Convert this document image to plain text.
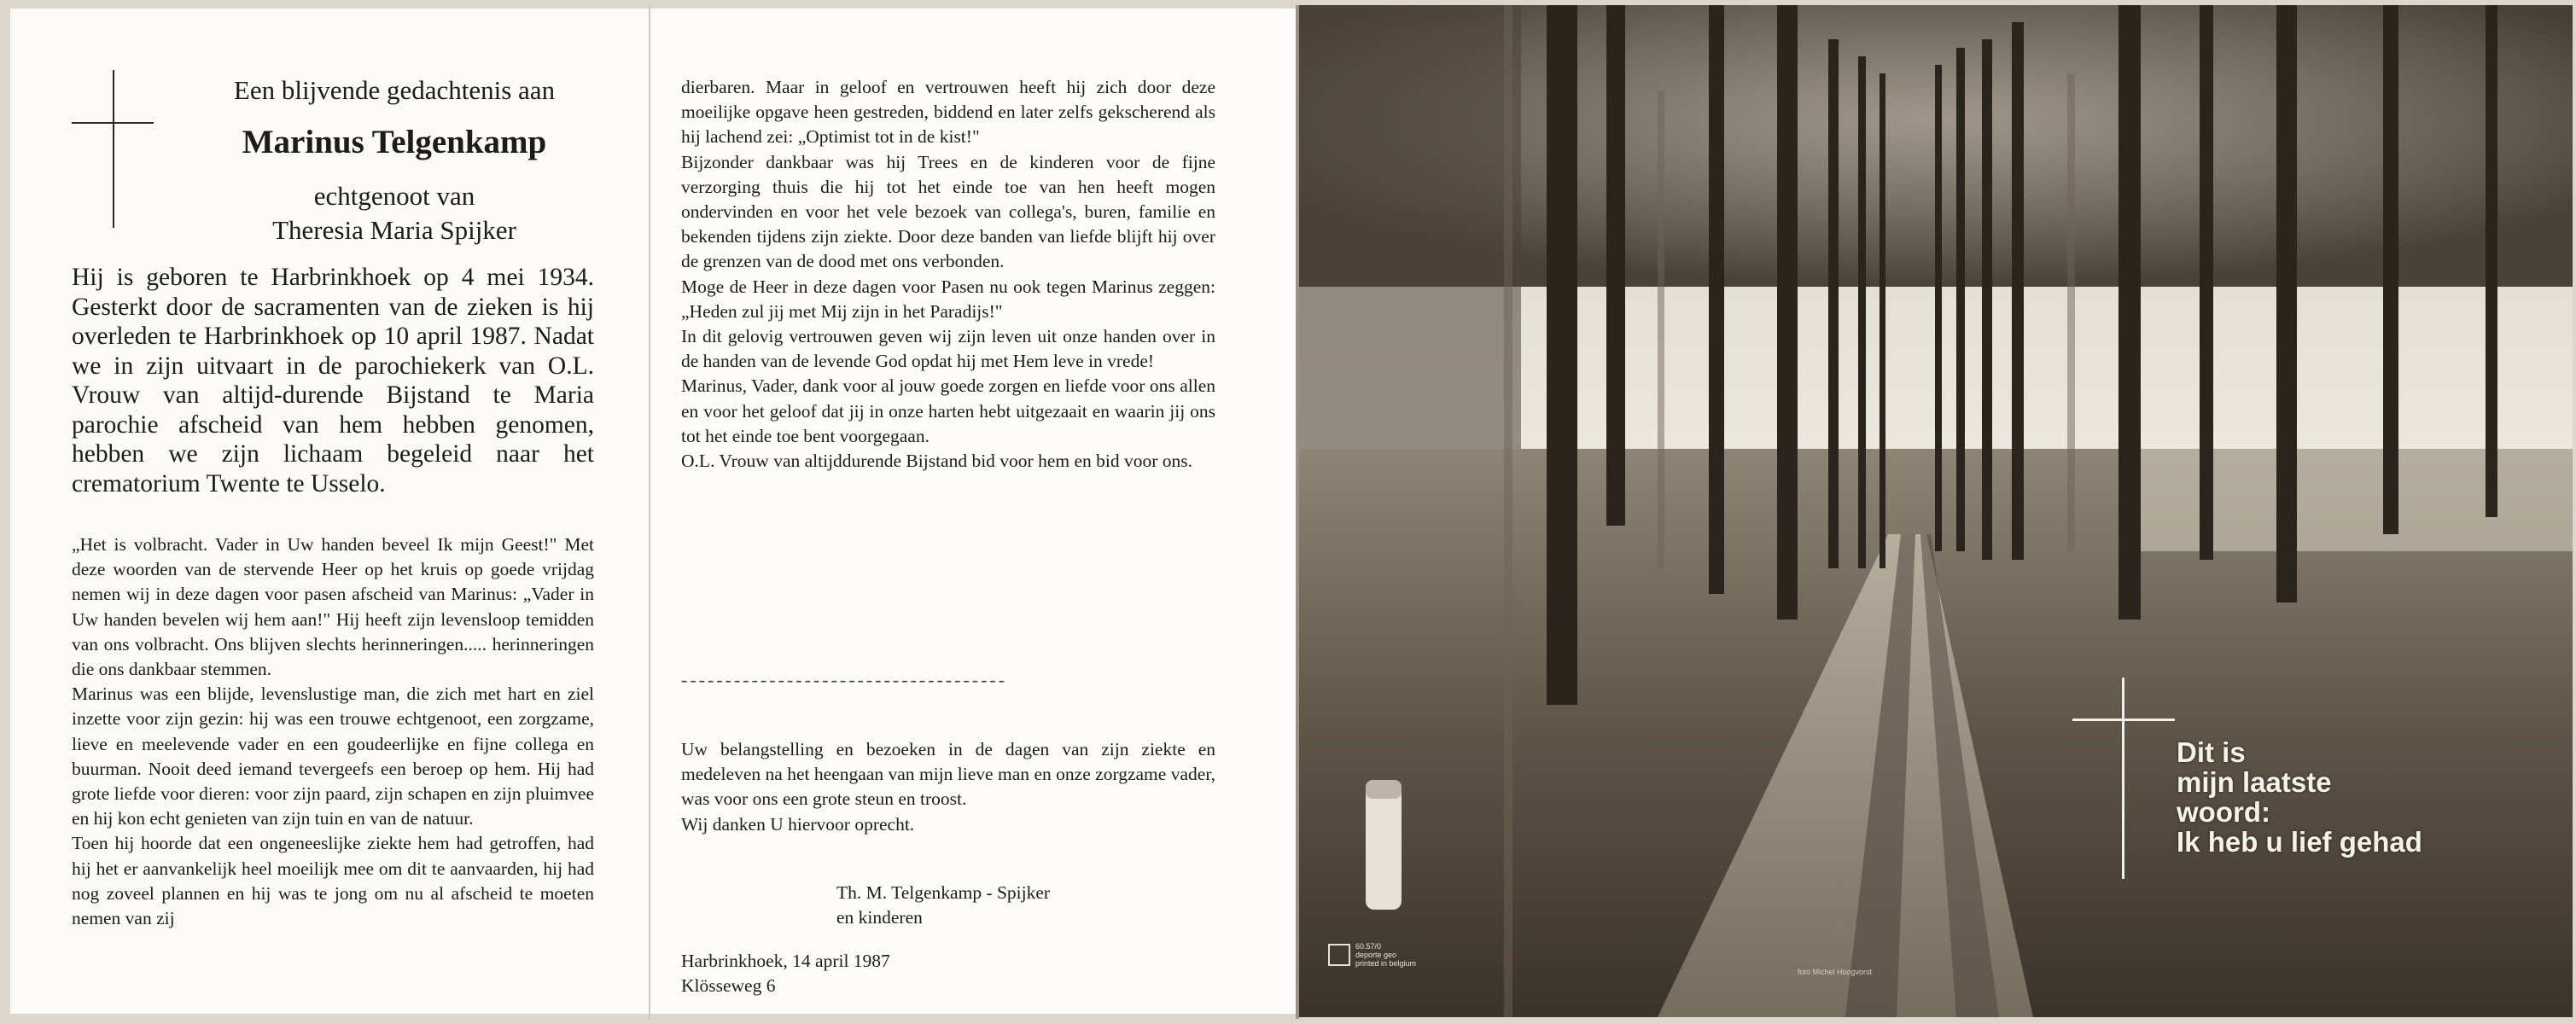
Een blijvende gedachtenis aan

Marinus Telgenkamp

echtgenoot van

Theresia Maria Spijker

Hij is geboren te Harbrinkhoek op 4 mei 1934. Gesterkt door de sacramenten van de zieken is hij overleden te Harbrinkhoek op 10 april 1987. Nadat we in zijn uitvaart in de parochiekerk van O.L. Vrouw van altijd-durende Bijstand te Maria parochie afscheid van hem hebben genomen, hebben we zijn lichaam begeleid naar het crematorium Twente te Usselo.

„Het is volbracht. Vader in Uw handen beveel Ik mijn Geest!" Met deze woorden van de stervende Heer op het kruis op goede vrijdag nemen wij in deze dagen voor pasen afscheid van Marinus: „Vader in Uw handen bevelen wij hem aan!" Hij heeft zijn levensloop temidden van ons volbracht. Ons blijven slechts herinneringen..... herinneringen die ons dankbaar stemmen.

Marinus was een blijde, levenslustige man, die zich met hart en ziel inzette voor zijn gezin: hij was een trouwe echtgenoot, een zorgzame, lieve en meelevende vader en een goudeerlijke en fijne collega en buurman. Nooit deed iemand tevergeefs een beroep op hem. Hij had grote liefde voor dieren: voor zijn paard, zijn schapen en zijn pluimvee en hij kon echt genieten van zijn tuin en van de natuur.

Toen hij hoorde dat een ongeneeslijke ziekte hem had getroffen, had hij het er aanvankelijk heel moeilijk mee om dit te aanvaarden, hij had nog zoveel plannen en hij was te jong om nu al afscheid te moeten nemen van zij

dierbaren. Maar in geloof en vertrouwen heeft hij zich door deze moeilijke opgave heen gestreden, biddend en later zelfs gekscherend als hij lachend zei: „Optimist tot in de kist!"

Bijzonder dankbaar was hij Trees en de kinderen voor de fijne verzorging thuis die hij tot het einde toe van hen heeft mogen ondervinden en voor het vele bezoek van collega's, buren, familie en bekenden tijdens zijn ziekte. Door deze banden van liefde blijft hij over de grenzen van de dood met ons verbonden.

Moge de Heer in deze dagen voor Pasen nu ook tegen Marinus zeggen: „Heden zul jij met Mij zijn in het Paradijs!"

In dit gelovig vertrouwen geven wij zijn leven uit onze handen over in de handen van de levende God opdat hij met Hem leve in vrede!

Marinus, Vader, dank voor al jouw goede zorgen en liefde voor ons allen en voor het geloof dat jij in onze harten hebt uitgezaait en waarin jij ons tot het einde toe bent voorgegaan.

O.L. Vrouw van altijddurende Bijstand bid voor hem en bid voor ons.

-------------------------------------

Uw belangstelling en bezoeken in de dagen van zijn ziekte en medeleven na het heengaan van mijn lieve man en onze zorgzame vader, was voor ons een grote steun en troost.

Wij danken U hiervoor oprecht.

Th. M. Telgenkamp - Spijker

en kinderen

Harbrinkhoek, 14 april 1987

Klösseweg 6

Dit is
mijn laatste
woord:
Ik heb u lief gehad
60.57/0
deporte geo
printed in belgium
foto Michel Hoogvorst
